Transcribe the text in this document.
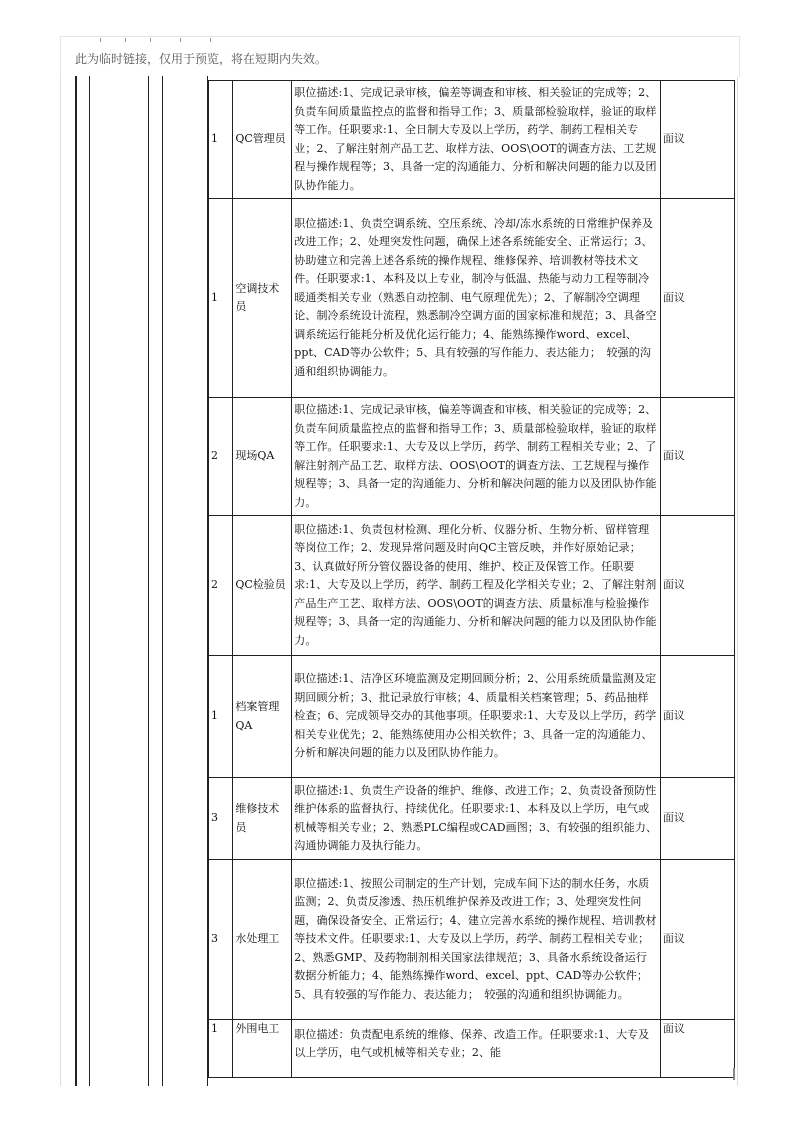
此为临时链接，仅用于预览，将在短期内失效。
1	QC管理员	职位描述:1、完成记录审核，偏差等调查和审核、相关验证的完成等；2、负责车间质量监控点的监督和指导工作；3、质量部检验取样，验证的取样等工作。任职要求:1、全日制大专及以上学历，药学、制药工程相关专业；2、了解注射剂产品工艺、取样方法、OOS\OOT的调查方法、工艺规程与操作规程等；3、具备一定的沟通能力、分析和解决问题的能力以及团队协作能力。	面议
1	空调技术员	职位描述:1、负责空调系统、空压系统、冷却/冻水系统的日常维护保养及改进工作；2、处理突发性问题，确保上述各系统能安全、正常运行；3、协助建立和完善上述各系统的操作规程、维修保养、培训教材等技术文件。任职要求:1、本科及以上专业，制冷与低温、热能与动力工程等制冷暖通类相关专业（熟悉自动控制、电气原理优先）；2、了解制冷空调理论、制冷系统设计流程，熟悉制冷空调方面的国家标准和规范；3、具备空调系统运行能耗分析及优化运行能力；4、能熟练操作word、excel、ppt、CAD等办公软件；5、具有较强的写作能力、表达能力；　较强的沟通和组织协调能力。	面议
2	现场QA	职位描述:1、完成记录审核，偏差等调查和审核、相关验证的完成等；2、负责车间质量监控点的监督和指导工作；3、质量部检验取样，验证的取样等工作。任职要求:1、大专及以上学历，药学、制药工程相关专业；2、了解注射剂产品工艺、取样方法、OOS\OOT的调查方法、工艺规程与操作规程等；3、具备一定的沟通能力、分析和解决问题的能力以及团队协作能力。	面议
2	QC检验员	职位描述:1、负责包材检测、理化分析、仪器分析、生物分析、留样管理等岗位工作；2、发现异常问题及时向QC主管反映，并作好原始记录；3、认真做好所分管仪器设备的使用、维护、校正及保管工作。任职要求:1、大专及以上学历，药学、制药工程及化学相关专业；2、了解注射剂产品生产工艺、取样方法、OOS\OOT的调查方法、质量标准与检验操作规程等；3、具备一定的沟通能力、分析和解决问题的能力以及团队协作能力。	面议
1	档案管理QA	职位描述:1、洁净区环境监测及定期回顾分析；2、公用系统质量监测及定期回顾分析；3、批记录放行审核；4、质量相关档案管理；5、药品抽样检查；6、完成领导交办的其他事项。任职要求:1、大专及以上学历，药学相关专业优先；2、能熟练使用办公相关软件；3、具备一定的沟通能力、分析和解决问题的能力以及团队协作能力。	面议
3	维修技术员	职位描述:1、负责生产设备的维护、维修、改进工作；2、负责设备预防性维护体系的监督执行、持续优化。任职要求:1、本科及以上学历，电气或机械等相关专业；2、熟悉PLC编程或CAD画图；3、有较强的组织能力、沟通协调能力及执行能力。	面议
3	水处理工	职位描述:1、按照公司制定的生产计划，完成车间下达的制水任务，水质监测；2、负责反渗透、热压机维护保养及改进工作；3、处理突发性问题，确保设备安全、正常运行；4、建立完善水系统的操作规程、培训教材等技术文件。任职要求:1、大专及以上学历，药学、制药工程相关专业；2、熟悉GMP、及药物制剂相关国家法律规范；3、具备水系统设备运行数据分析能力；4、能熟练操作word、excel、ppt、CAD等办公软件；5、具有较强的写作能力、表达能力；　较强的沟通和组织协调能力。	面议
1	外围电工	职位描述：负责配电系统的维修、保养、改造工作。任职要求:1、大专及以上学历，电气或机械等相关专业；2、能	面议
